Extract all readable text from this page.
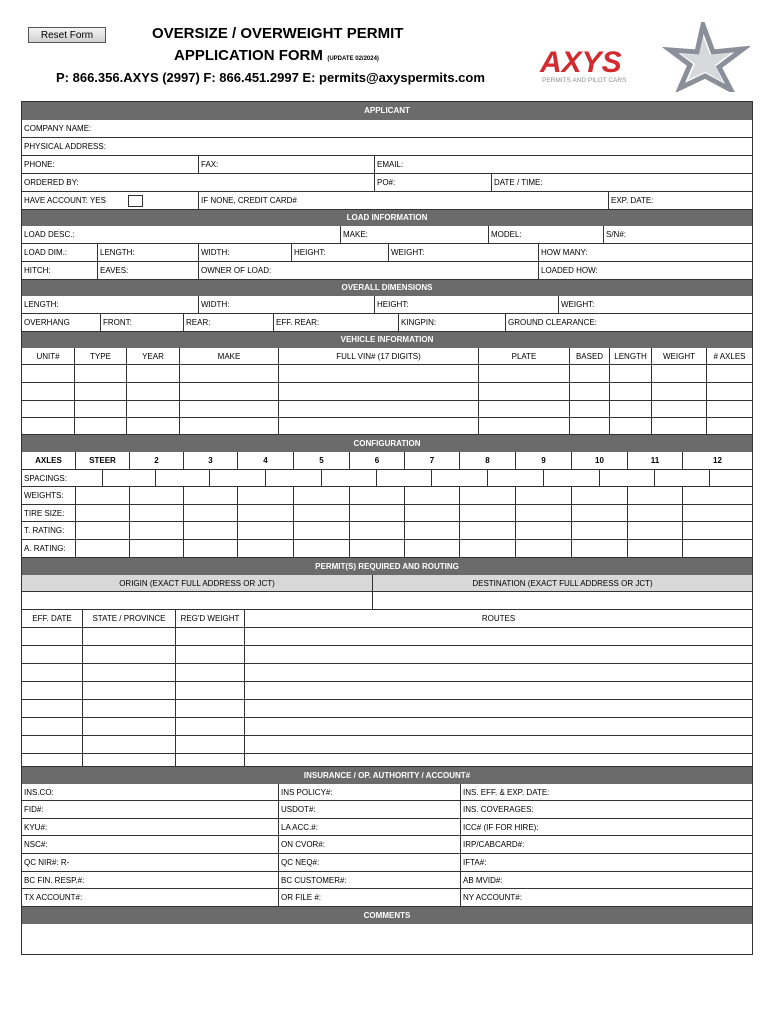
Reset Form	OVERSIZE / OVERWEIGHT PERMIT
APPLICATION FORM (UPDATE 02/2024)
P: 866.356.AXYS (2997) F: 866.451.2997 E: permits@axyspermits.com AXYS
PERMITS AND PILOT CARS
APPLICANT
COMPANY NAME:
PHYSICAL ADDRESS:
PHONE:	FAX:	EMAIL:
ORDERED BY:	PO#:	DATE / TIME:
HAVE ACCOUNT: YES	IF NONE, CREDIT CARD#	EXP. DATE:
LOAD INFORMATION
LOAD DESC.:	MAKE:	MODEL:	S/N#:
LOAD DIM.:	LENGTH:	WIDTH:	HEIGHT:	WEIGHT:	HOW MANY:
HITCH:	EAVES:	OWNER OF LOAD:	LOADED HOW:
OVERALL DIMENSIONS
LENGTH:	WIDTH:	HEIGHT:	WEIGHT:
OVERHANG	FRONT:	REAR:	EFF. REAR:	KINGPIN:	GROUND CLEARANCE:
VEHICLE INFORMATION
UNIT#	TYPE	YEAR	MAKE	FULL VIN# (17 DIGITS)	PLATE	BASED	LENGTH	WEIGHT	# AXLES
CONFIGURATION
AXLES	STEER	2	3	4	5	6	7	8	9	10	11	12
SPACINGS:
WEIGHTS:
TIRE SIZE:
T. RATING:
A. RATING:
PERMIT(S) REQUIRED AND ROUTING
ORIGIN (EXACT FULL ADDRESS OR JCT)	DESTINATION (EXACT FULL ADDRESS OR JCT)
EFF. DATE	STATE / PROVINCE	REG'D WEIGHT	ROUTES
INSURANCE / OP. AUTHORITY / ACCOUNT#
INS.CO:	INS POLICY#:	INS. EFF. & EXP. DATE:
FID#:	USDOT#:	INS. COVERAGES:
KYU#:	LA ACC.#:	ICC# (IF FOR HIRE):
NSC#:	ON CVOR#:	IRP/CABCARD#:
QC NIR#: R-	QC NEQ#:	IFTA#:
BC FIN. RESP.#:	BC CUSTOMER#:	AB MVID#:
TX ACCOUNT#:	OR FILE #:	NY ACCOUNT#:
COMMENTS
